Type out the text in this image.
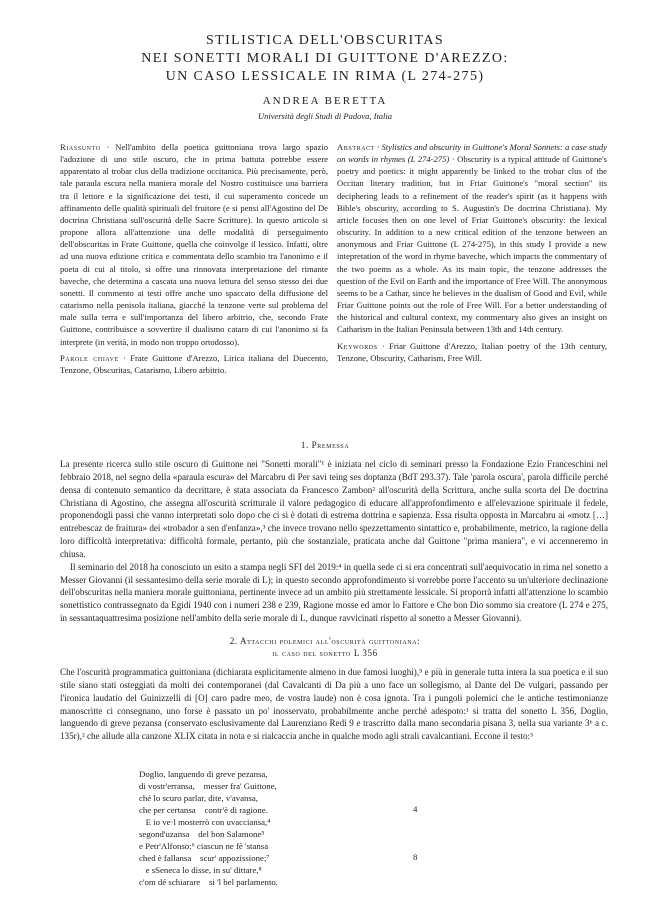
STILISTICA DELL'OBSCURITAS
NEI SONETTI MORALI DI GUITTONE D'AREZZO:
UN CASO LESSICALE IN RIMA (L 274-275)
ANDREA BERETTA
Università degli Studi di Padova, Italia

Riassunto · Nell'ambito della poetica guittoniana trova largo spazio l'adozione di uno stile oscuro, che in prima battuta potrebbe essere apparentato al trobar clus della tradizione occitanica. Più precisamente, però, tale paraula escura nella maniera morale del Nostro costituisce una barriera tra il lettore e la significazione dei testi, il cui superamento concede un affinamento delle qualità spirituali del fruitore (e si pensi all'Agostino del De doctrina Christiana sull'oscurità delle Sacre Scritture). In questo articolo si propone allora all'attenzione una delle modalità di perseguimento dell'obscuritas in Frate Guittone, quella che coinvolge il lessico. Infatti, oltre ad una nuova edizione critica e commentata dello scambio tra l'anonimo e il poeta di cui al titolo, si offre una rinnovata interpretazione del rimante baveche, che determina a cascata una nuova lettura del senso stesso dei due sonetti. Il commento ai testi offre anche uno spaccato della diffusione del catarismo nella penisola italiana, giacché la tenzone verte sul problema del male sulla terra e sull'importanza del libero arbitrio, che, secondo Frate Guittone, contribuisce a sovvertire il dualismo cataro di cui l'anonimo si fa interprete (in verità, in modo non troppo ortodosso).

Parole chiave · Frate Guittone d'Arezzo, Lirica italiana del Duecento, Tenzone, Obscuritas, Catarismo, Libero arbitrio.

Abstract · Stylistics and obscurity in Guittone's Moral Sonnets: a case study on words in rhymes (L 274-275) · Obscurity is a typical attitude of Guittone's poetry and poetics: it might apparently be linked to the trobar clus of the Occitan literary tradition, but in Friar Guittone's "moral section" its deciphering leads to a refinement of the reader's spirit (as it happens with Bible's obscurity, according to S. Augustin's De doctrina Christiana). My article focuses then on one level of Friar Guittone's obscurity: the lexical obscurity. In addition to a new critical edition of the tenzone between an anonymous and Friar Guittone (L 274-275), in this study I provide a new intepretation of the word in rhyme baveche, which impacts the commentary of the two poems as a whole. As its main topic, the tenzone addresses the question of the Evil on Earth and the importance of Free Will. The anonymous seems to be a Cathar, since he believes in the dualism of Good and Evil, while Friar Guittone points out the role of Free Will. For a better understanding of the historical and cultural context, my commentary also gives an insight on Catharism in the Italian Peninsula between 13th and 14th century.

Keywords · Friar Guittone d'Arezzo, Italian poetry of the 13th century, Tenzone, Obscurity, Catharism, Free Will.

1. Premessa

La presente ricerca sullo stile oscuro di Guittone nei "Sonetti morali"¹ è iniziata nel ciclo di seminari presso la Fondazione Ezio Franceschini nel febbraio 2018, nel segno della «paraula escura» del Marcabru di Per savi teing ses doptanza (BdT 293.37). Tale 'parola oscura', parola difficile perché densa di contenuto semantico da decrittare, è stata associata da Francesco Zambon² all'oscurità della Scrittura, anche sulla scorta del De doctrina Christiana di Agostino, che assegna all'oscurità scritturale il valore pedagogico di educare all'approfondimento e all'elevazione spirituale il fedele, proponendogli passi che vanno interpretati solo dopo che ci si è dotati di estrema dottrina e sapienza. Essa risulta opposta in Marcabru ai «motz […] entrebescaz de fraitura» dei «trobador a sen d'enfanza»,³ che invece trovano nello spezzettamento sintattico e, probabilmente, metrico, la ragione della loro difficoltà interpretativa: difficoltà formale, pertanto, più che sostanziale, praticata anche dal Guittone "prima maniera", e vi accenneremo in chiusa.

Il seminario del 2018 ha conosciuto un esito a stampa negli SFI del 2019:⁴ in quella sede ci si era concentrati sull'aequivocatio in rima nel sonetto a Messer Giovanni (il sessantesimo della serie morale di L); in questo secondo approfondimento si vorrebbe porre l'accento su un'ulteriore declinazione dell'obscuritas nella maniera morale guittoniana, pertinente invece ad un ambito più strettamente lessicale. Si proporrà infatti all'attenzione lo scambio sonettistico contrassegnato da Egidi 1940 con i numeri 238 e 239, Ragione mosse ed amor lo Fattore e Che bon Dio sommo sia creatore (L 274 e 275, in sessantaquattresima posizione nell'ambito della serie morale di L, dunque ravvicinati rispetto al sonetto a Messer Giovanni).

2. Attacchi polemici all'oscurità guittoniana:
il caso del sonetto L 356

Che l'oscurità programmatica guittoniana (dichiarata esplicitamente almeno in due famosi luoghi),⁵ e più in generale tutta intera la sua poetica e il suo stile siano stati osteggiati da molti dei contemporanei (dal Cavalcanti di Da più a uno face un sollegismo, al Dante del De vulgari, passando per l'ironica laudatio del Guinizzelli di [O] caro padre meo, de vostra laude) non è cosa ignota. Tra i pungoli polemici che le antiche testimonianze manoscritte ci consegnano, uno forse è passato un po' inosservato, probabilmente anche perché adespoto:¹ si tratta del sonetto L 356, Doglio, languendo di greve pezansa (conservato esclusivamente dal Laurenziano Redi 9 e trascritto dalla mano secondaria pisana 3, nella sua variante 3ᵇ a c. 135r),² che allude alla canzone XLIX citata in nota e si rialcaccia anche in qualche modo agli strali cavalcantiani. Eccone il testo:³

Doglio, languendo di greve pezansa,
di vostr'erransa,    messer fra' Guittone,
ché lo scuro parlar, dite, v'avansa,
che per certansa    contr'è di ragione.
E io ve·l mosterrò con uvacciansa,⁴
segond'uzansa    del bon Salamone⁵
e Petr'Alfonso:⁶ ciascun ne fè 'stansa
ched è fallansa    scur' appozissione;⁷
e sSeneca lo disse, in su' dittare,⁸
c'om dé schiarare    si 'l bel parlamento.
4
8
